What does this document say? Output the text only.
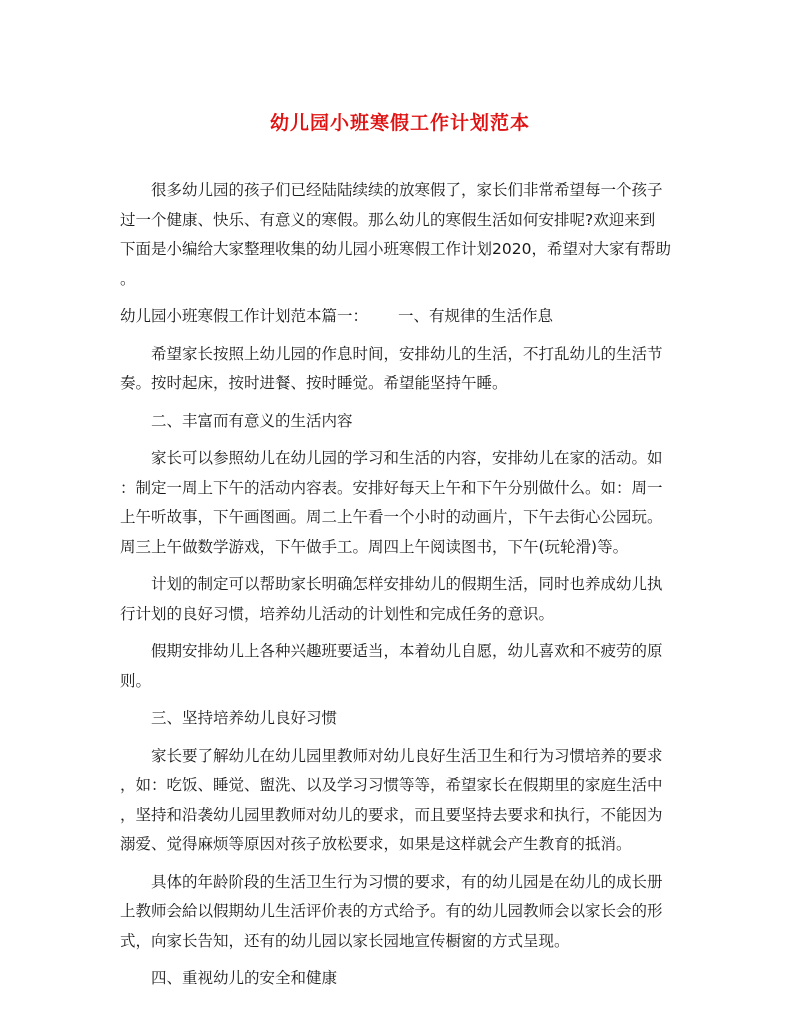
幼儿园小班寒假工作计划范本
很多幼儿园的孩子们已经陆陆续续的放寒假了，家长们非常希望每一个孩子
过一个健康、快乐、有意义的寒假。那么幼儿的寒假生活如何安排呢?欢迎来到
下面是小编给大家整理收集的幼儿园小班寒假工作计划2020，希望对大家有帮助
。
幼儿园小班寒假工作计划范本篇一： 一、有规律的生活作息
希望家长按照上幼儿园的作息时间，安排幼儿的生活，不打乱幼儿的生活节
奏。按时起床，按时进餐、按时睡觉。希望能坚持午睡。
二、丰富而有意义的生活内容
家长可以参照幼儿在幼儿园的学习和生活的内容，安排幼儿在家的活动。如
：制定一周上下午的活动内容表。安排好每天上午和下午分别做什么。如：周一
上午听故事，下午画图画。周二上午看一个小时的动画片，下午去街心公园玩。
周三上午做数学游戏，下午做手工。周四上午阅读图书，下午(玩轮滑)等。
计划的制定可以帮助家长明确怎样安排幼儿的假期生活，同时也养成幼儿执
行计划的良好习惯，培养幼儿活动的计划性和完成任务的意识。
假期安排幼儿上各种兴趣班要适当，本着幼儿自愿，幼儿喜欢和不疲劳的原
则。
三、坚持培养幼儿良好习惯
家长要了解幼儿在幼儿园里教师对幼儿良好生活卫生和行为习惯培养的要求
，如：吃饭、睡觉、盥洗、以及学习习惯等等，希望家长在假期里的家庭生活中
，坚持和沿袭幼儿园里教师对幼儿的要求，而且要坚持去要求和执行，不能因为
溺爱、觉得麻烦等原因对孩子放松要求，如果是这样就会产生教育的抵消。
具体的年龄阶段的生活卫生行为习惯的要求，有的幼儿园是在幼儿的成长册
上教师会給以假期幼儿生活评价表的方式给予。有的幼儿园教师会以家长会的形
式，向家长告知，还有的幼儿园以家长园地宣传橱窗的方式呈现。
四、重视幼儿的安全和健康
